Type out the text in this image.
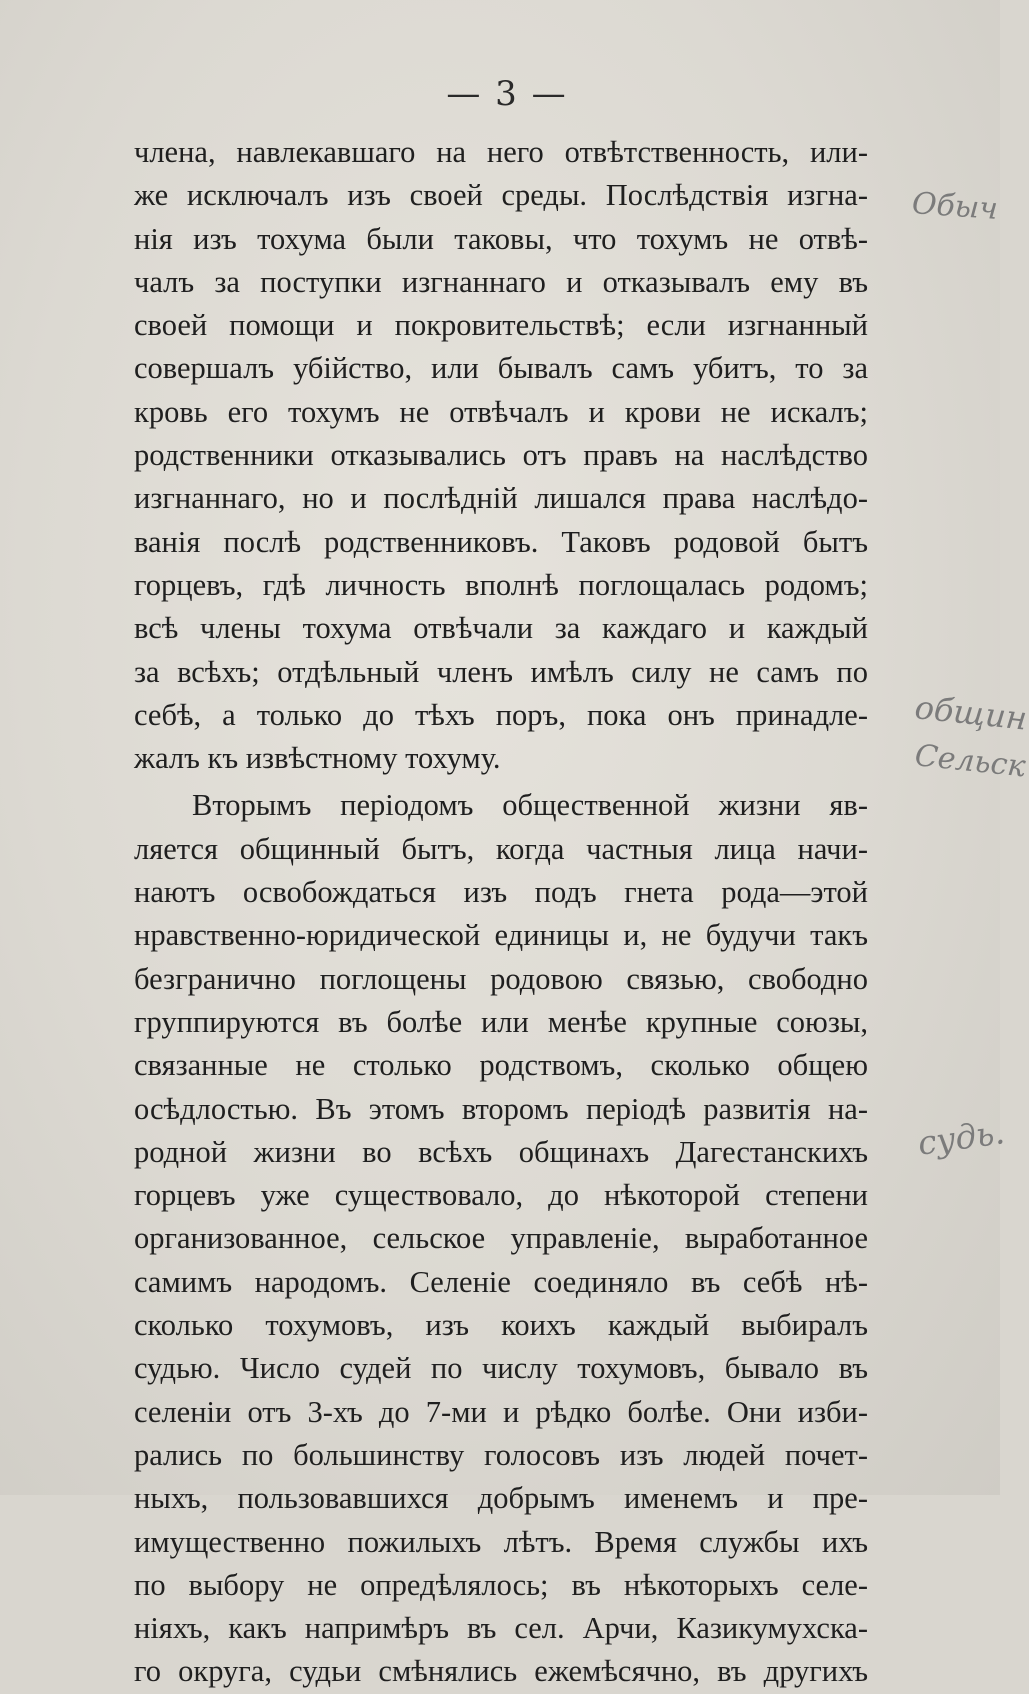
— 3 —
члена, навлекавшаго на него отвѣтственность, или-
же исключалъ изъ своей среды. Послѣдствія изгна-
нія изъ тохума были таковы, что тохумъ не отвѣ-
чалъ за поступки изгнаннаго и отказывалъ ему въ
своей помощи и покровительствѣ; если изгнанный
совершалъ убійство, или бывалъ самъ убитъ, то за
кровь его тохумъ не отвѣчалъ и крови не искалъ;
родственники отказывались отъ правъ на наслѣдство
изгнаннаго, но и послѣдній лишался права наслѣдо-
ванія послѣ родственниковъ. Таковъ родовой бытъ
горцевъ, гдѣ личность вполнѣ поглощалась родомъ;
всѣ члены тохума отвѣчали за каждаго и каждый
за всѣхъ; отдѣльный членъ имѣлъ силу не самъ по
себѣ, а только до тѣхъ поръ, пока онъ принадле-
жалъ къ извѣстному тохуму.
Вторымъ періодомъ общественной жизни яв-
ляется общинный бытъ, когда частныя лица начи-
наютъ освобождаться изъ подъ гнета рода—этой
нравственно-юридической единицы и, не будучи такъ
безгранично поглощены родовою связью, свободно
группируются въ болѣе или менѣе крупные союзы,
связанные не столько родствомъ, сколько общею
осѣдлостью. Въ этомъ второмъ періодѣ развитія на-
родной жизни во всѣхъ общинахъ Дагестанскихъ
горцевъ уже существовало, до нѣкоторой степени
организованное, сельское управленіе, выработанное
самимъ народомъ. Селеніе соединяло въ себѣ нѣ-
сколько тохумовъ, изъ коихъ каждый выбиралъ
судью. Число судей по числу тохумовъ, бывало въ
селеніи отъ 3-хъ до 7-ми и рѣдко болѣе. Они изби-
рались по большинству голосовъ изъ людей почет-
ныхъ, пользовавшихся добрымъ именемъ и пре-
имущественно пожилыхъ лѣтъ. Время службы ихъ
по выбору не опредѣлялось; въ нѣкоторыхъ селе-
ніяхъ, какъ напримѣръ въ сел. Арчи, Казикумухска-
го округа, судьи смѣнялись ежемѣсячно, въ другихъ
Обыч
общин
Сельск
судь.
